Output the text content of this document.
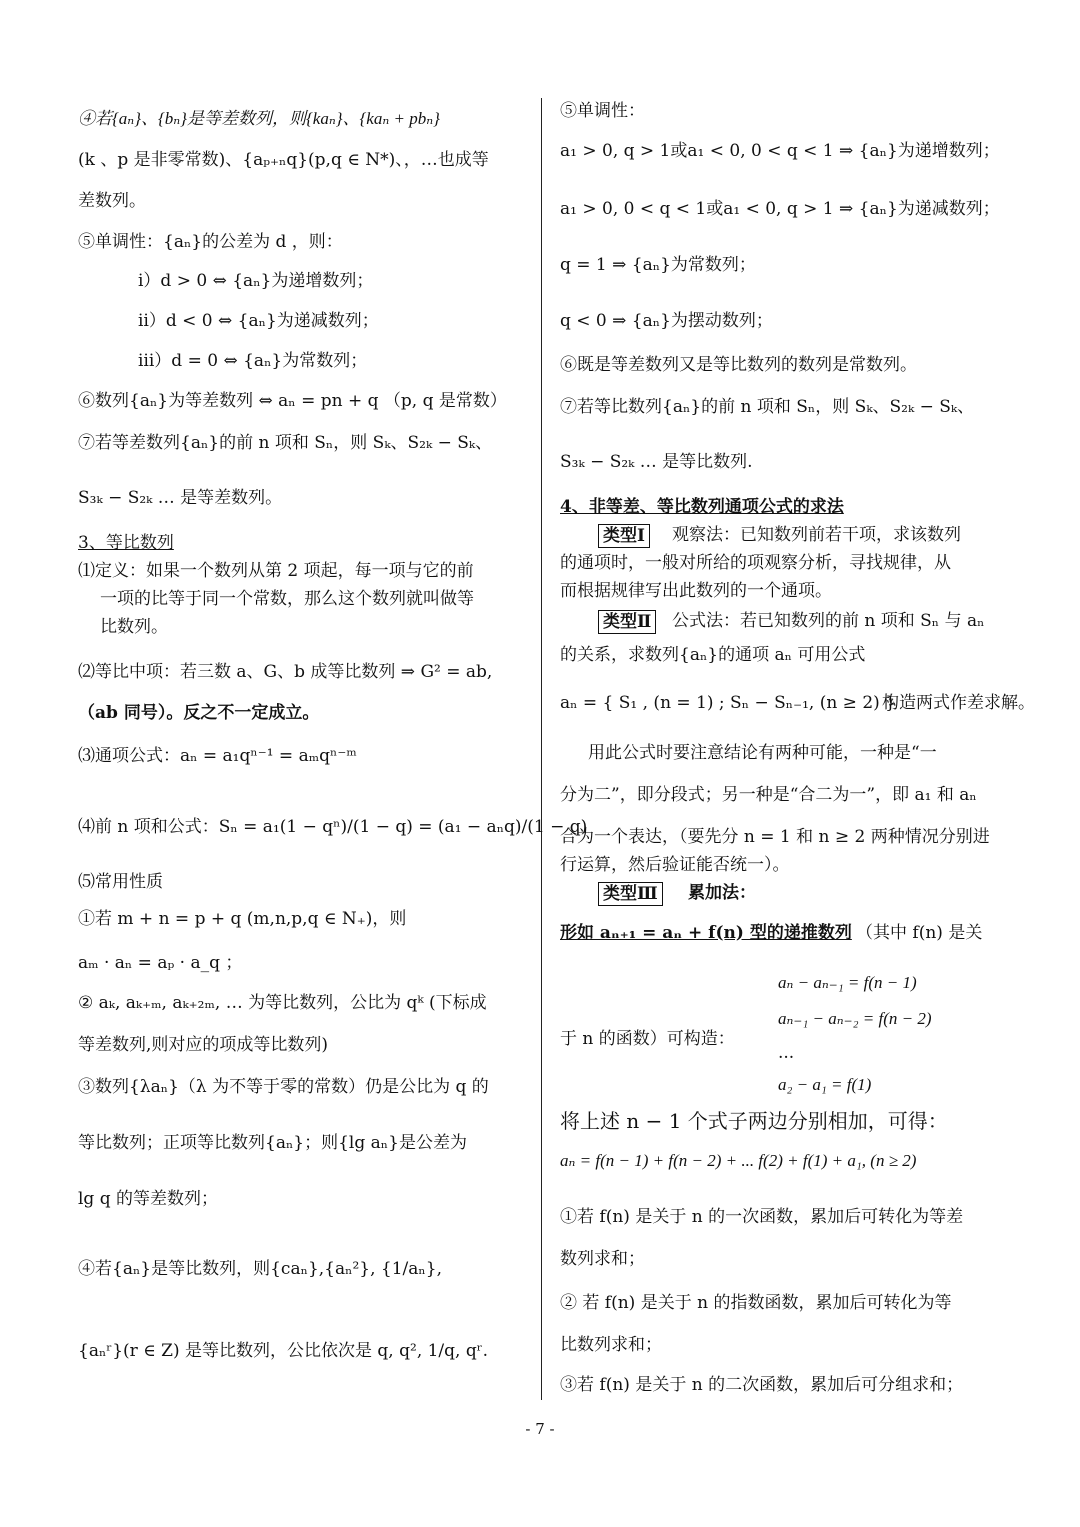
④若{aₙ}、{bₙ}是等差数列，则{kaₙ}、{kaₙ + pbₙ}
(k 、p 是非零常数)、{aₚ₊ₙq}(p,q ∈ N*)、，…也成等
差数列。
⑤单调性：{aₙ}的公差为 d ，则：
ⅰ）d > 0 ⇔ {aₙ}为递增数列；
ⅱ）d < 0 ⇔ {aₙ}为递减数列；
ⅲ）d = 0 ⇔ {aₙ}为常数列；
⑥数列{aₙ}为等差数列 ⇔ aₙ = pn + q （p, q 是常数）
⑦若等差数列{aₙ}的前 n 项和 Sₙ，则 Sₖ、S₂ₖ − Sₖ、
S₃ₖ − S₂ₖ … 是等差数列。
3、等比数列
⑴定义：如果一个数列从第 2 项起，每一项与它的前
一项的比等于同一个常数，那么这个数列就叫做等
比数列。
⑵等比中项：若三数 a、G、b 成等比数列 ⇒ G² = ab,
（ab 同号）。反之不一定成立。
⑶通项公式：aₙ = a₁qⁿ⁻¹ = aₘqⁿ⁻ᵐ
⑷前 n 项和公式：Sₙ = a₁(1 − qⁿ)/(1 − q) = (a₁ − aₙq)/(1 − q)
⑸常用性质
①若 m + n = p + q (m,n,p,q ∈ N₊)，则
aₘ · aₙ = aₚ · a_q ；
② aₖ, aₖ₊ₘ, aₖ₊₂ₘ, … 为等比数列，公比为 qᵏ (下标成
等差数列,则对应的项成等比数列)
③数列{λaₙ}（λ 为不等于零的常数）仍是公比为 q 的
等比数列；正项等比数列{aₙ}；则{lg aₙ}是公差为
lg q 的等差数列；
④若{aₙ}是等比数列，则{caₙ},{aₙ²}, {1/aₙ},
{aₙʳ}(r ∈ Z) 是等比数列，公比依次是 q, q², 1/q, qʳ.
⑤单调性：
a₁ > 0, q > 1或a₁ < 0, 0 < q < 1 ⇒ {aₙ}为递增数列；
a₁ > 0, 0 < q < 1或a₁ < 0, q > 1 ⇒ {aₙ}为递减数列；
q = 1 ⇒ {aₙ}为常数列；
q < 0 ⇒ {aₙ}为摆动数列；
⑥既是等差数列又是等比数列的数列是常数列。
⑦若等比数列{aₙ}的前 n 项和 Sₙ，则 Sₖ、S₂ₖ − Sₖ、
S₃ₖ − S₂ₖ … 是等比数列.
4、非等差、等比数列通项公式的求法
类型Ⅰ 观察法：已知数列前若干项，求该数列
的通项时，一般对所给的项观察分析，寻找规律，从
而根据规律写出此数列的一个通项。
类型Ⅱ 公式法：若已知数列的前 n 项和 Sₙ 与 aₙ
的关系，求数列{aₙ}的通项 aₙ 可用公式
aₙ = { S₁ , (n = 1) ; Sₙ − Sₙ₋₁, (n ≥ 2) }
构造两式作差求解。
用此公式时要注意结论有两种可能，一种是“一
分为二”，即分段式；另一种是“合二为一”，即 a₁ 和 aₙ
合为一个表达，（要先分 n = 1 和 n ≥ 2 两种情况分别进
行运算，然后验证能否统一）。
类型Ⅲ 累加法：
形如 aₙ₊₁ = aₙ + f(n) 型的递推数列 （其中 f(n) 是关
aₙ − aₙ₋₁ = f(n − 1)
于 n 的函数）可构造：
aₙ₋₁ − aₙ₋₂ = f(n − 2)
...
a₂ − a₁ = f(1)
将上述 n − 1 个式子两边分别相加，可得：
aₙ = f(n − 1) + f(n − 2) + ... f(2) + f(1) + a₁, (n ≥ 2)
①若 f(n) 是关于 n 的一次函数，累加后可转化为等差
数列求和；
② 若 f(n) 是关于 n 的指数函数，累加后可转化为等
比数列求和；
③若 f(n) 是关于 n 的二次函数，累加后可分组求和；
- 7 -
